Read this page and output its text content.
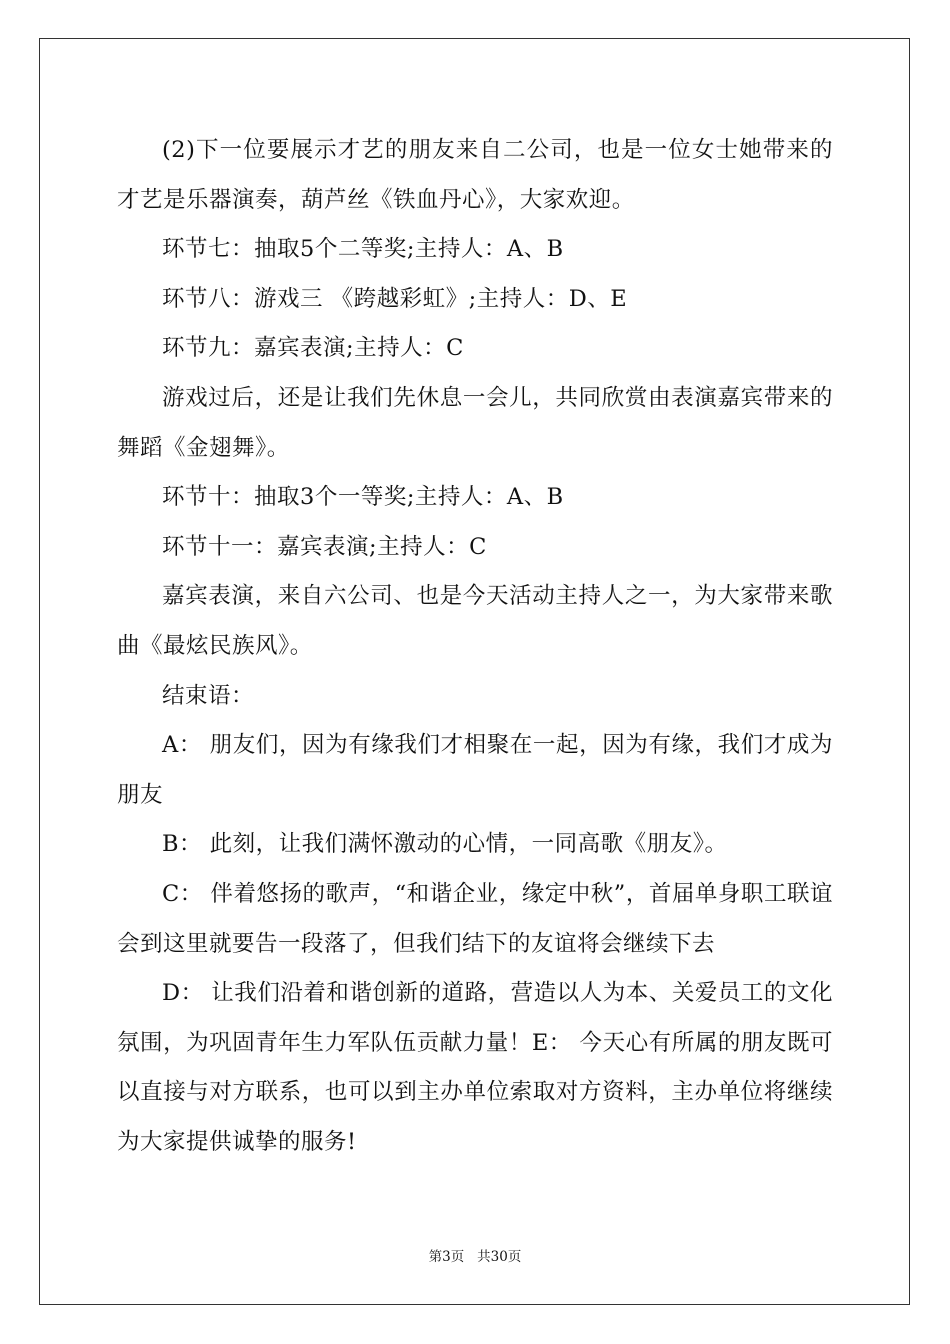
(2)下一位要展示才艺的朋友来自二公司，也是一位女士她带来的才艺是乐器演奏，葫芦丝《铁血丹心》，大家欢迎。

环节七：抽取5个二等奖;主持人：A、B

环节八：游戏三 《跨越彩虹》;主持人：D、E

环节九：嘉宾表演;主持人：C

游戏过后，还是让我们先休息一会儿，共同欣赏由表演嘉宾带来的舞蹈《金翅舞》。

环节十：抽取3个一等奖;主持人：A、B

环节十一：嘉宾表演;主持人：C

嘉宾表演，来自六公司、也是今天活动主持人之一，为大家带来歌曲《最炫民族风》。

结束语：

A： 朋友们，因为有缘我们才相聚在一起，因为有缘，我们才成为朋友

B： 此刻，让我们满怀激动的心情，一同高歌《朋友》。

C： 伴着悠扬的歌声，“和谐企业，缘定中秋”，首届单身职工联谊会到这里就要告一段落了，但我们结下的友谊将会继续下去

D： 让我们沿着和谐创新的道路，营造以人为本、关爱员工的文化氛围，为巩固青年生力军队伍贡献力量！E： 今天心有所属的朋友既可以直接与对方联系，也可以到主办单位索取对方资料，主办单位将继续为大家提供诚挚的服务!

第3页 共30页
